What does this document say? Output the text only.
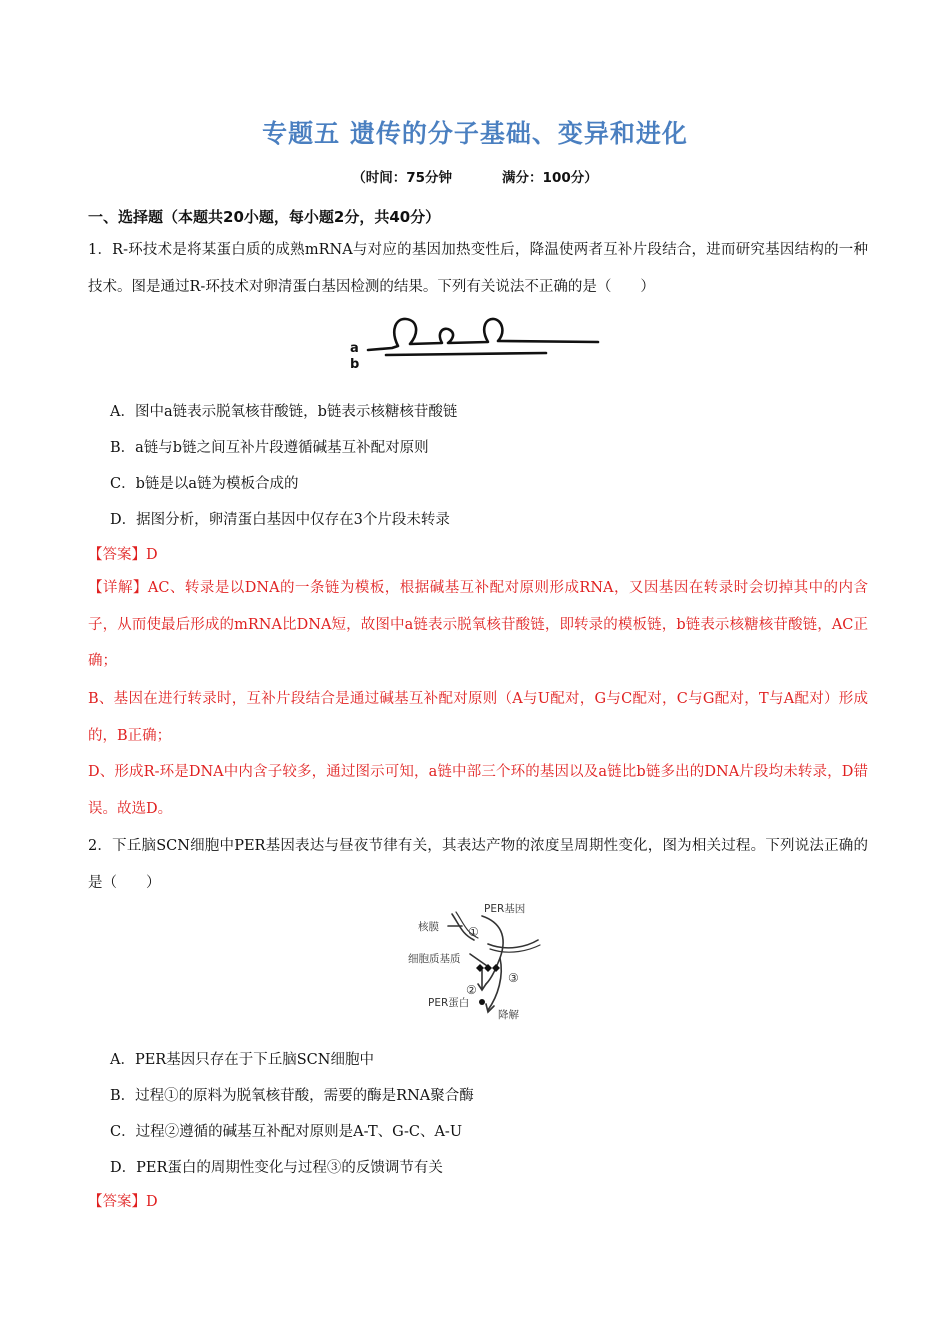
专题五 遗传的分子基础、变异和进化
（时间：75分钟	满分：100分）
一、选择题（本题共20小题，每小题2分，共40分）
1．R-环技术是将某蛋白质的成熟mRNA与对应的基因加热变性后，降温使两者互补片段结合，进而研究基因结构的一种技术。图是通过R-环技术对卵清蛋白基因检测的结果。下列有关说法不正确的是（　　）
a
b
A．图中a链表示脱氧核苷酸链，b链表示核糖核苷酸链
B．a链与b链之间互补片段遵循碱基互补配对原则
C．b链是以a链为模板合成的
D．据图分析，卵清蛋白基因中仅存在3个片段未转录
【答案】D
【详解】AC、转录是以DNA的一条链为模板，根据碱基互补配对原则形成RNA，又因基因在转录时会切掉其中的内含子，从而使最后形成的mRNA比DNA短，故图中a链表示脱氧核苷酸链，即转录的模板链，b链表示核糖核苷酸链，AC正确；
B、基因在进行转录时，互补片段结合是通过碱基互补配对原则（A与U配对，G与C配对，C与G配对，T与A配对）形成的，B正确；
D、形成R-环是DNA中内含子较多，通过图示可知，a链中部三个环的基因以及a链比b链多出的DNA片段均未转录，D错误。故选D。
2．下丘脑SCN细胞中PER基因表达与昼夜节律有关，其表达产物的浓度呈周期性变化，图为相关过程。下列说法正确的是（　　）
PER基因
核膜 ①
细胞质基质
③
②
PER蛋白
降解
A．PER基因只存在于下丘脑SCN细胞中
B．过程①的原料为脱氧核苷酸，需要的酶是RNA聚合酶
C．过程②遵循的碱基互补配对原则是A-T、G-C、A-U
D．PER蛋白的周期性变化与过程③的反馈调节有关
【答案】D
